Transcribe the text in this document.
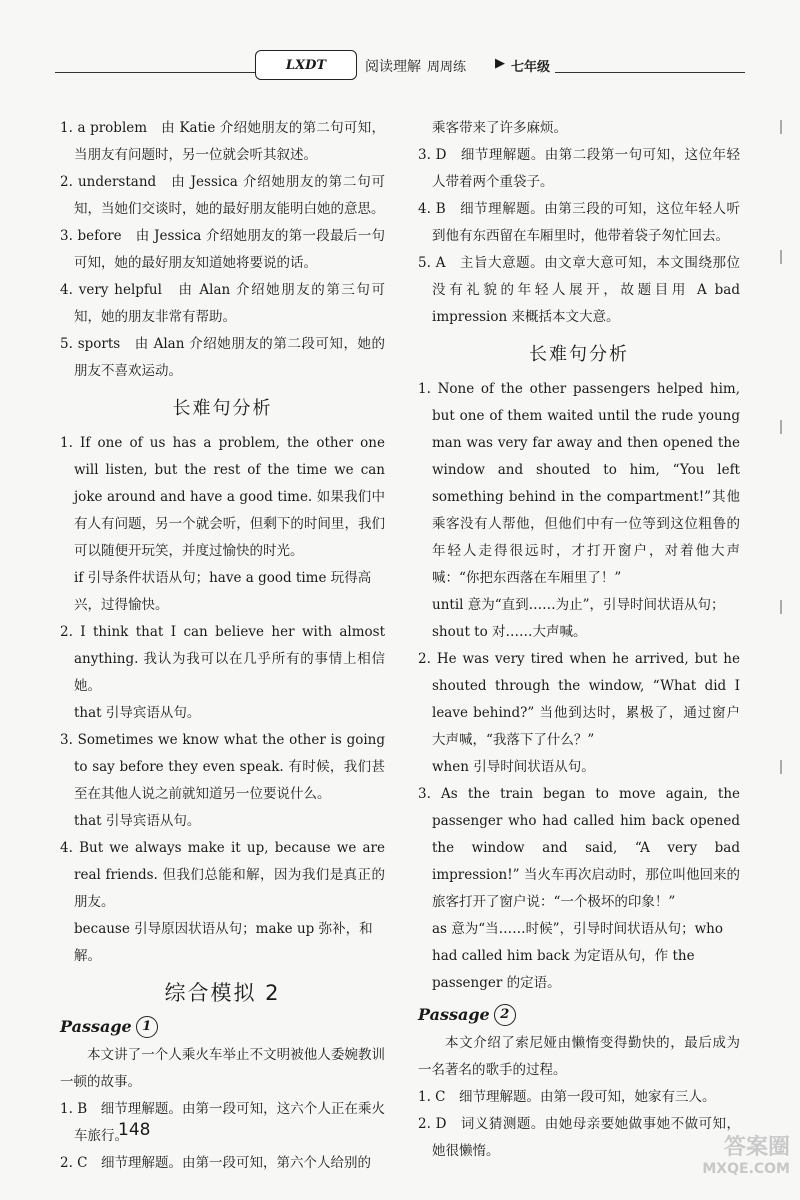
LXDT	阅读理解 周周练 ▶ 七年级

1. a problem　由 Katie 介绍她朋友的第二句可知，当朋友有问题时，另一位就会听其叙述。

2. understand　由 Jessica 介绍她朋友的第二句可知，当她们交谈时，她的最好朋友能明白她的意思。

3. before　由 Jessica 介绍她朋友的第一段最后一句可知，她的最好朋友知道她将要说的话。

4. very helpful　由 Alan 介绍她朋友的第三句可知，她的朋友非常有帮助。

5. sports　由 Alan 介绍她朋友的第二段可知，她的朋友不喜欢运动。

长难句分析

1. If one of us has a problem, the other one will listen, but the rest of the time we can joke around and have a good time. 如果我们中有人有问题，另一个就会听，但剩下的时间里，我们可以随便开玩笑，并度过愉快的时光。

if 引导条件状语从句；have a good time 玩得高兴，过得愉快。

2. I think that I can believe her with almost anything. 我认为我可以在几乎所有的事情上相信她。

that 引导宾语从句。

3. Sometimes we know what the other is going to say before they even speak. 有时候，我们甚至在其他人说之前就知道另一位要说什么。

that 引导宾语从句。

4. But we always make it up, because we are real friends. 但我们总能和解，因为我们是真正的朋友。

because 引导原因状语从句；make up 弥补，和解。

综合模拟 2
Passage 1

本文讲了一个人乘火车举止不文明被他人委婉教训一顿的故事。

1. B　细节理解题。由第一段可知，这六个人正在乘火车旅行。

2. C　细节理解题。由第一段可知，第六个人给别的

乘客带来了许多麻烦。

3. D　细节理解题。由第二段第一句可知，这位年轻人带着两个重袋子。

4. B　细节理解题。由第三段的可知，这位年轻人听到他有东西留在车厢里时，他带着袋子匆忙回去。

5. A　主旨大意题。由文章大意可知，本文围绕那位没有礼貌的年轻人展开，故题目用 A bad impression 来概括本文大意。

长难句分析

1. None of the other passengers helped him, but one of them waited until the rude young man was very far away and then opened the window and shouted to him, “You left something behind in the compartment!”其他乘客没有人帮他，但他们中有一位等到这位粗鲁的年轻人走得很远时，才打开窗户，对着他大声喊：“你把东西落在车厢里了！”

until 意为“直到……为止”，引导时间状语从句；

shout to 对……大声喊。

2. He was very tired when he arrived, but he shouted through the window, “What did I leave behind?” 当他到达时，累极了，通过窗户大声喊，“我落下了什么？”

when 引导时间状语从句。

3. As the train began to move again, the passenger who had called him back opened the window and said, “A very bad impression!” 当火车再次启动时，那位叫他回来的旅客打开了窗户说：“一个极坏的印象！”

as 意为“当……时候”，引导时间状语从句；who had called him back 为定语从句，作 the passenger 的定语。

Passage 2

本文介绍了索尼娅由懒惰变得勤快的，最后成为一名著名的歌手的过程。

1. C　细节理解题。由第一段可知，她家有三人。

2. D　词义猜测题。由她母亲要她做事她不做可知，她很懒惰。

148
答案圈
MXQE.COM
